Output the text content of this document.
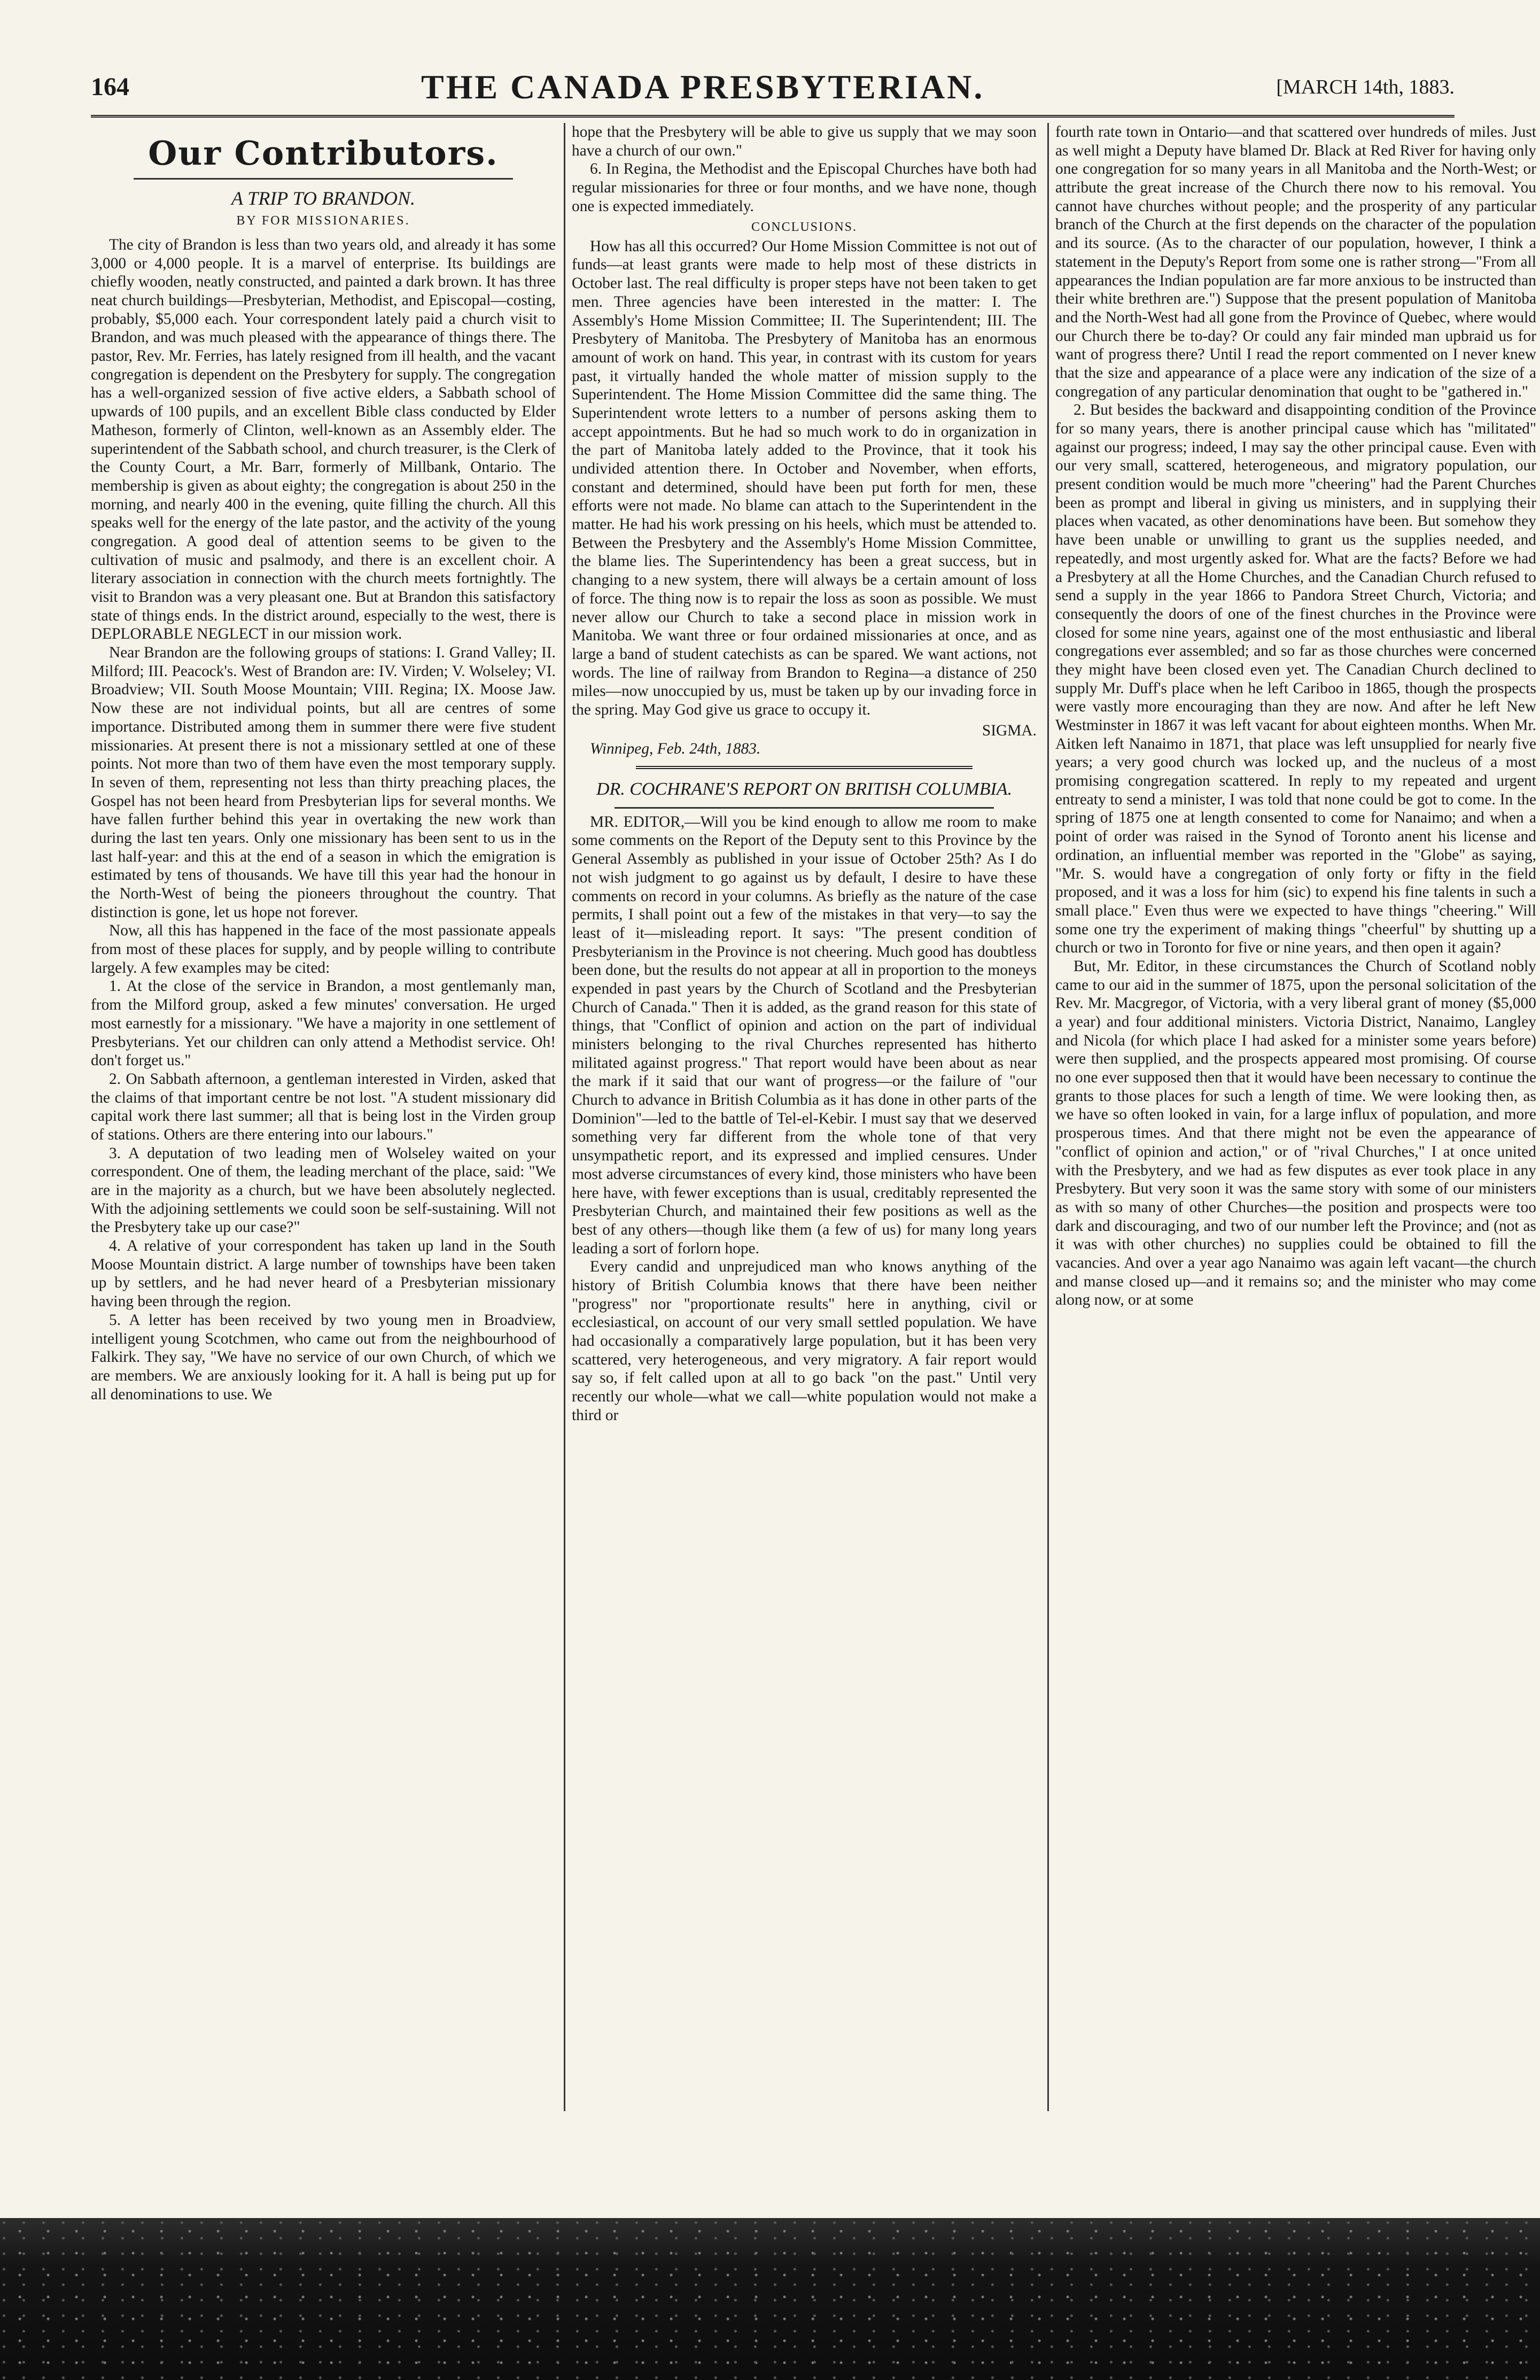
164	THE CANADA PRESBYTERIAN.	[MARCH 14th, 1883.
Our Contributors.
A TRIP TO BRANDON.
BY FOR MISSIONARIES.

The city of Brandon is less than two years old, and already it has some 3,000 or 4,000 people. It is a marvel of enterprise. Its buildings are chiefly wooden, neatly constructed, and painted a dark brown. It has three neat church buildings—Presbyterian, Methodist, and Episcopal—costing, probably, $5,000 each. Your correspondent lately paid a church visit to Brandon, and was much pleased with the appearance of things there. The pastor, Rev. Mr. Ferries, has lately resigned from ill health, and the vacant congregation is dependent on the Presbytery for supply. The congregation has a well-organized session of five active elders, a Sabbath school of upwards of 100 pupils, and an excellent Bible class conducted by Elder Matheson, formerly of Clinton, well-known as an Assembly elder. The superintendent of the Sabbath school, and church treasurer, is the Clerk of the County Court, a Mr. Barr, formerly of Millbank, Ontario. The membership is given as about eighty; the congregation is about 250 in the morning, and nearly 400 in the evening, quite filling the church. All this speaks well for the energy of the late pastor, and the activity of the young congregation. A good deal of attention seems to be given to the cultivation of music and psalmody, and there is an excellent choir. A literary association in connection with the church meets fortnightly. The visit to Brandon was a very pleasant one. But at Brandon this satisfactory state of things ends. In the district around, especially to the west, there is DEPLORABLE NEGLECT in our mission work.

Near Brandon are the following groups of stations: I. Grand Valley; II. Milford; III. Peacock's. West of Brandon are: IV. Virden; V. Wolseley; VI. Broadview; VII. South Moose Mountain; VIII. Regina; IX. Moose Jaw. Now these are not individual points, but all are centres of some importance. Distributed among them in summer there were five student missionaries. At present there is not a missionary settled at one of these points. Not more than two of them have even the most temporary supply. In seven of them, representing not less than thirty preaching places, the Gospel has not been heard from Presbyterian lips for several months. We have fallen further behind this year in overtaking the new work than during the last ten years. Only one missionary has been sent to us in the last half-year: and this at the end of a season in which the emigration is estimated by tens of thousands. We have till this year had the honour in the North-West of being the pioneers throughout the country. That distinction is gone, let us hope not forever.

Now, all this has happened in the face of the most passionate appeals from most of these places for supply, and by people willing to contribute largely. A few examples may be cited:

1. At the close of the service in Brandon, a most gentlemanly man, from the Milford group, asked a few minutes' conversation. He urged most earnestly for a missionary. "We have a majority in one settlement of Presbyterians. Yet our children can only attend a Methodist service. Oh! don't forget us."

2. On Sabbath afternoon, a gentleman interested in Virden, asked that the claims of that important centre be not lost. "A student missionary did capital work there last summer; all that is being lost in the Virden group of stations. Others are there entering into our labours."

3. A deputation of two leading men of Wolseley waited on your correspondent. One of them, the leading merchant of the place, said: "We are in the majority as a church, but we have been absolutely neglected. With the adjoining settlements we could soon be self-sustaining. Will not the Presbytery take up our case?"

4. A relative of your correspondent has taken up land in the South Moose Mountain district. A large number of townships have been taken up by settlers, and he had never heard of a Presbyterian missionary having been through the region.

5. A letter has been received by two young men in Broadview, intelligent young Scotchmen, who came out from the neighbourhood of Falkirk. They say, "We have no service of our own Church, of which we are members. We are anxiously looking for it. A hall is being put up for all denominations to use. We

hope that the Presbytery will be able to give us supply that we may soon have a church of our own."

6. In Regina, the Methodist and the Episcopal Churches have both had regular missionaries for three or four months, and we have none, though one is expected immediately.

CONCLUSIONS.

How has all this occurred? Our Home Mission Committee is not out of funds—at least grants were made to help most of these districts in October last. The real difficulty is proper steps have not been taken to get men. Three agencies have been interested in the matter: I. The Assembly's Home Mission Committee; II. The Superintendent; III. The Presbytery of Manitoba. The Presbytery of Manitoba has an enormous amount of work on hand. This year, in contrast with its custom for years past, it virtually handed the whole matter of mission supply to the Superintendent. The Home Mission Committee did the same thing. The Superintendent wrote letters to a number of persons asking them to accept appointments. But he had so much work to do in organization in the part of Manitoba lately added to the Province, that it took his undivided attention there. In October and November, when efforts, constant and determined, should have been put forth for men, these efforts were not made. No blame can attach to the Superintendent in the matter. He had his work pressing on his heels, which must be attended to. Between the Presbytery and the Assembly's Home Mission Committee, the blame lies. The Superintendency has been a great success, but in changing to a new system, there will always be a certain amount of loss of force. The thing now is to repair the loss as soon as possible. We must never allow our Church to take a second place in mission work in Manitoba. We want three or four ordained missionaries at once, and as large a band of student catechists as can be spared. We want actions, not words. The line of railway from Brandon to Regina—a distance of 250 miles—now unoccupied by us, must be taken up by our invading force in the spring. May God give us grace to occupy it.

SIGMA.
Winnipeg, Feb. 24th, 1883.
DR. COCHRANE'S REPORT ON BRITISH COLUMBIA.

MR. EDITOR,—Will you be kind enough to allow me room to make some comments on the Report of the Deputy sent to this Province by the General Assembly as published in your issue of October 25th? As I do not wish judgment to go against us by default, I desire to have these comments on record in your columns. As briefly as the nature of the case permits, I shall point out a few of the mistakes in that very—to say the least of it—misleading report. It says: "The present condition of Presbyterianism in the Province is not cheering. Much good has doubtless been done, but the results do not appear at all in proportion to the moneys expended in past years by the Church of Scotland and the Presbyterian Church of Canada." Then it is added, as the grand reason for this state of things, that "Conflict of opinion and action on the part of individual ministers belonging to the rival Churches represented has hitherto militated against progress." That report would have been about as near the mark if it said that our want of progress—or the failure of "our Church to advance in British Columbia as it has done in other parts of the Dominion"—led to the battle of Tel-el-Kebir. I must say that we deserved something very far different from the whole tone of that very unsympathetic report, and its expressed and implied censures. Under most adverse circumstances of every kind, those ministers who have been here have, with fewer exceptions than is usual, creditably represented the Presbyterian Church, and maintained their few positions as well as the best of any others—though like them (a few of us) for many long years leading a sort of forlorn hope.

Every candid and unprejudiced man who knows anything of the history of British Columbia knows that there have been neither "progress" nor "proportionate results" here in anything, civil or ecclesiastical, on account of our very small settled population. We have had occasionally a comparatively large population, but it has been very scattered, very heterogeneous, and very migratory. A fair report would say so, if felt called upon at all to go back "on the past." Until very recently our whole—what we call—white population would not make a third or

fourth rate town in Ontario—and that scattered over hundreds of miles. Just as well might a Deputy have blamed Dr. Black at Red River for having only one congregation for so many years in all Manitoba and the North-West; or attribute the great increase of the Church there now to his removal. You cannot have churches without people; and the prosperity of any particular branch of the Church at the first depends on the character of the population and its source. (As to the character of our population, however, I think a statement in the Deputy's Report from some one is rather strong—"From all appearances the Indian population are far more anxious to be instructed than their white brethren are.") Suppose that the present population of Manitoba and the North-West had all gone from the Province of Quebec, where would our Church there be to-day? Or could any fair minded man upbraid us for want of progress there? Until I read the report commented on I never knew that the size and appearance of a place were any indication of the size of a congregation of any particular denomination that ought to be "gathered in."

2. But besides the backward and disappointing condition of the Province for so many years, there is another principal cause which has "militated" against our progress; indeed, I may say the other principal cause. Even with our very small, scattered, heterogeneous, and migratory population, our present condition would be much more "cheering" had the Parent Churches been as prompt and liberal in giving us ministers, and in supplying their places when vacated, as other denominations have been. But somehow they have been unable or unwilling to grant us the supplies needed, and repeatedly, and most urgently asked for. What are the facts? Before we had a Presbytery at all the Home Churches, and the Canadian Church refused to send a supply in the year 1866 to Pandora Street Church, Victoria; and consequently the doors of one of the finest churches in the Province were closed for some nine years, against one of the most enthusiastic and liberal congregations ever assembled; and so far as those churches were concerned they might have been closed even yet. The Canadian Church declined to supply Mr. Duff's place when he left Cariboo in 1865, though the prospects were vastly more encouraging than they are now. And after he left New Westminster in 1867 it was left vacant for about eighteen months. When Mr. Aitken left Nanaimo in 1871, that place was left unsupplied for nearly five years; a very good church was locked up, and the nucleus of a most promising congregation scattered. In reply to my repeated and urgent entreaty to send a minister, I was told that none could be got to come. In the spring of 1875 one at length consented to come for Nanaimo; and when a point of order was raised in the Synod of Toronto anent his license and ordination, an influential member was reported in the "Globe" as saying, "Mr. S. would have a congregation of only forty or fifty in the field proposed, and it was a loss for him (sic) to expend his fine talents in such a small place." Even thus were we expected to have things "cheering." Will some one try the experiment of making things "cheerful" by shutting up a church or two in Toronto for five or nine years, and then open it again?

But, Mr. Editor, in these circumstances the Church of Scotland nobly came to our aid in the summer of 1875, upon the personal solicitation of the Rev. Mr. Macgregor, of Victoria, with a very liberal grant of money ($5,000 a year) and four additional ministers. Victoria District, Nanaimo, Langley and Nicola (for which place I had asked for a minister some years before) were then supplied, and the prospects appeared most promising. Of course no one ever supposed then that it would have been necessary to continue the grants to those places for such a length of time. We were looking then, as we have so often looked in vain, for a large influx of population, and more prosperous times. And that there might not be even the appearance of "conflict of opinion and action," or of "rival Churches," I at once united with the Presbytery, and we had as few disputes as ever took place in any Presbytery. But very soon it was the same story with some of our ministers as with so many of other Churches—the position and prospects were too dark and discouraging, and two of our number left the Province; and (not as it was with other churches) no supplies could be obtained to fill the vacancies. And over a year ago Nanaimo was again left vacant—the church and manse closed up—and it remains so; and the minister who may come along now, or at some
